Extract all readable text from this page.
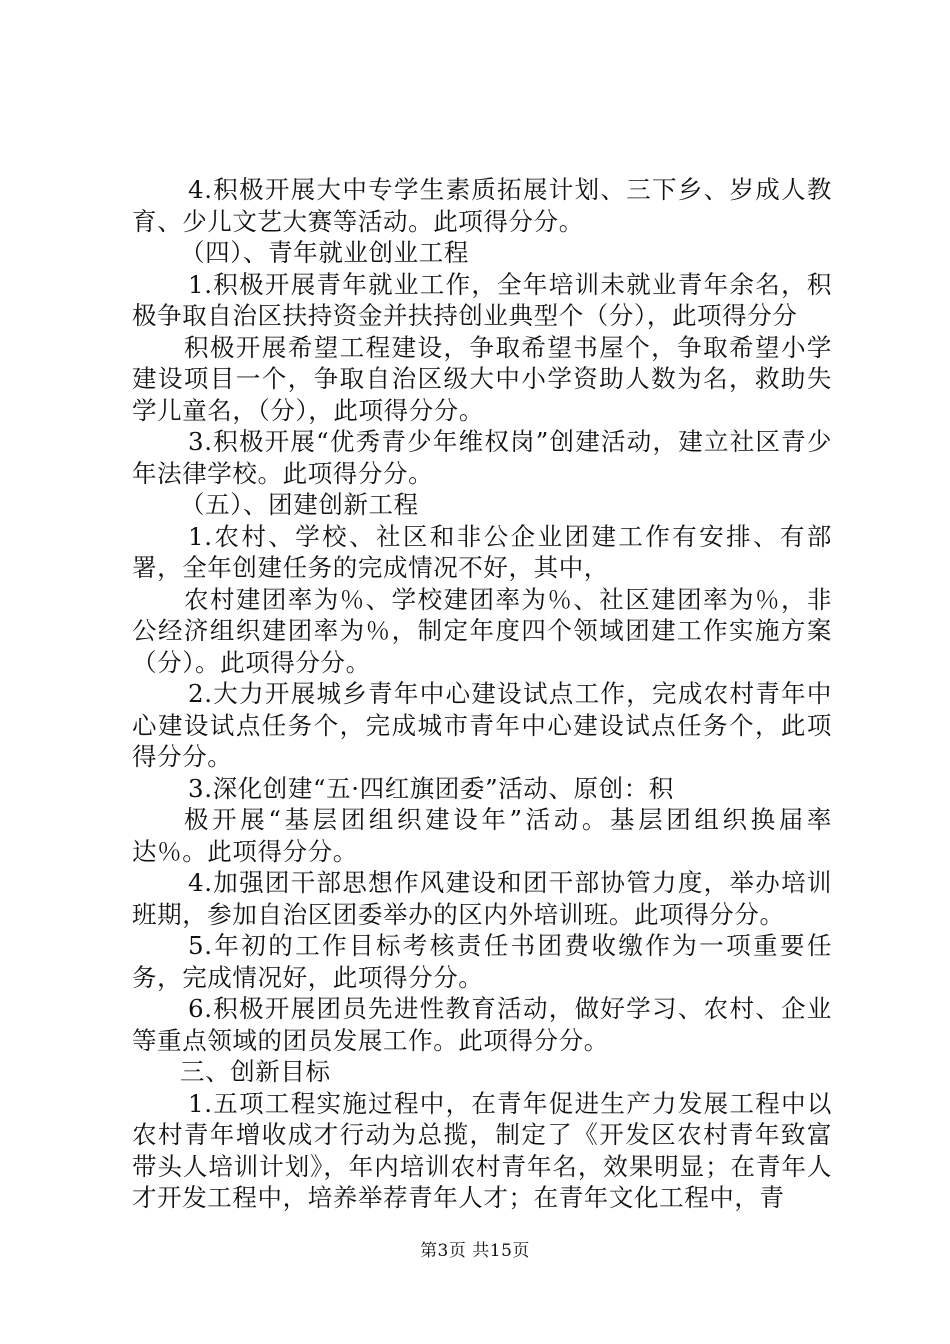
4.积极开展大中专学生素质拓展计划、三下乡、岁成人教育、少儿文艺大赛等活动。此项得分分。

（四）、青年就业创业工程

1.积极开展青年就业工作，全年培训未就业青年余名，积极争取自治区扶持资金并扶持创业典型个（分），此项得分分

积极开展希望工程建设，争取希望书屋个，争取希望小学建设项目一个，争取自治区级大中小学资助人数为名，救助失学儿童名，（分），此项得分分。

3.积极开展“优秀青少年维权岗”创建活动，建立社区青少年法律学校。此项得分分。

（五）、团建创新工程

1.农村、学校、社区和非公企业团建工作有安排、有部署，全年创建任务的完成情况不好，其中，

农村建团率为％、学校建团率为％、社区建团率为％，非公经济组织建团率为％，制定年度四个领域团建工作实施方案（分）。此项得分分。

2.大力开展城乡青年中心建设试点工作，完成农村青年中心建设试点任务个，完成城市青年中心建设试点任务个，此项得分分。

3.深化创建“五·四红旗团委”活动、原创：积

极开展“基层团组织建设年”活动。基层团组织换届率达％。此项得分分。

4.加强团干部思想作风建设和团干部协管力度，举办培训班期，参加自治区团委举办的区内外培训班。此项得分分。

5.年初的工作目标考核责任书团费收缴作为一项重要任务，完成情况好，此项得分分。

6.积极开展团员先进性教育活动，做好学习、农村、企业等重点领域的团员发展工作。此项得分分。

三、创新目标

1.五项工程实施过程中，在青年促进生产力发展工程中以农村青年增收成才行动为总揽，制定了《开发区农村青年致富带头人培训计划》，年内培训农村青年名，效果明显；在青年人才开发工程中，培养举荐青年人才；在青年文化工程中，青

第3页 共15页
